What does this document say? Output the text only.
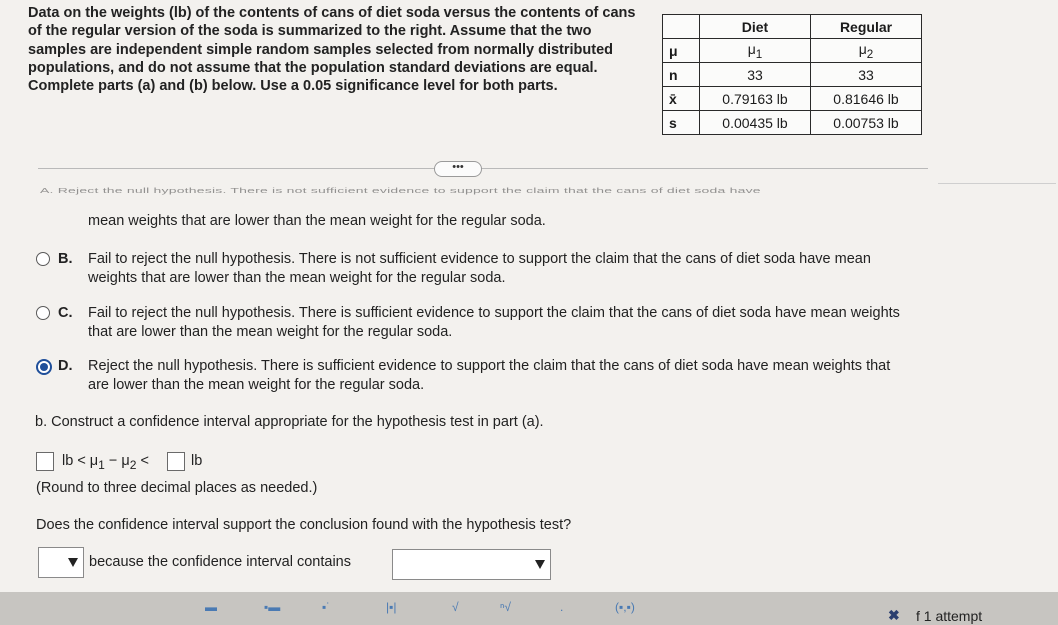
Data on the weights (lb) of the contents of cans of diet soda versus the contents of cans of the regular version of the soda is summarized to the right. Assume that the two samples are independent simple random samples selected from normally distributed populations, and do not assume that the population standard deviations are equal. Complete parts (a) and (b) below. Use a 0.05 significance level for both parts.
	Diet	Regular
μ	$\mu_1$	$\mu_2$
n	33	33
x̄	0.79163 lb	0.81646 lb
s	0.00435 lb	0.00753 lb
•••
A. Reject the null hypothesis. There is not sufficient evidence to support the claim that the cans of diet soda have
mean weights that are lower than the mean weight for the regular soda.
B. Fail to reject the null hypothesis. There is not sufficient evidence to support the claim that the cans of diet soda have mean weights that are lower than the mean weight for the regular soda.
C. Fail to reject the null hypothesis. There is sufficient evidence to support the claim that the cans of diet soda have mean weights that are lower than the mean weight for the regular soda.
D. Reject the null hypothesis. There is sufficient evidence to support the claim that the cans of diet soda have mean weights that are lower than the mean weight for the regular soda.
b. Construct a confidence interval appropriate for the hypothesis test in part (a).
lb < $\mu_1 - \mu_2$ <	lb
(Round to three decimal places as needed.)
Does the confidence interval support the conclusion found with the hypothesis test?
because the confidence interval contains
▬	▪▬	▪˙	|▪|	√	ⁿ√	.	(▪,▪)	✖ f 1 attempt
